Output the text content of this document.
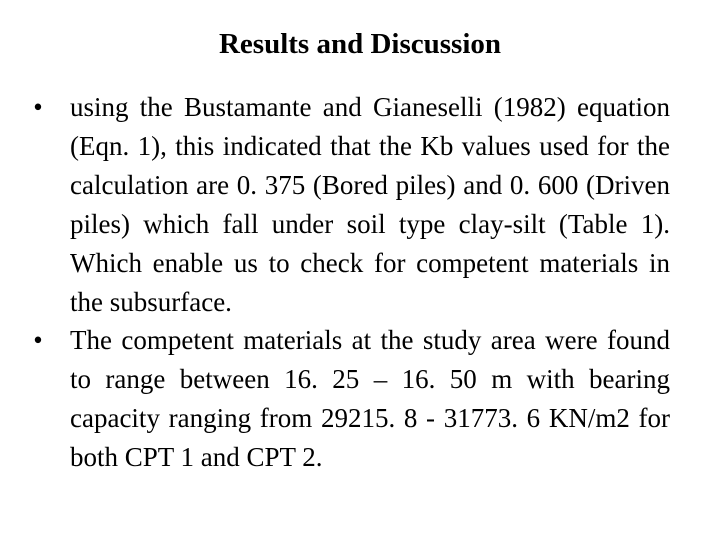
Results and Discussion
• using the Bustamante and Gianeselli (1982) equation (Eqn. 1), this indicated that the Kb values used for the calculation are 0. 375 (Bored piles) and 0. 600 (Driven piles) which fall under soil type clay-silt (Table 1). Which enable us to check for competent materials in the subsurface.
• The competent materials at the study area were found to range between 16. 25 – 16. 50 m with bearing capacity ranging from 29215. 8 - 31773. 6 KN/m2 for both CPT 1 and CPT 2.
